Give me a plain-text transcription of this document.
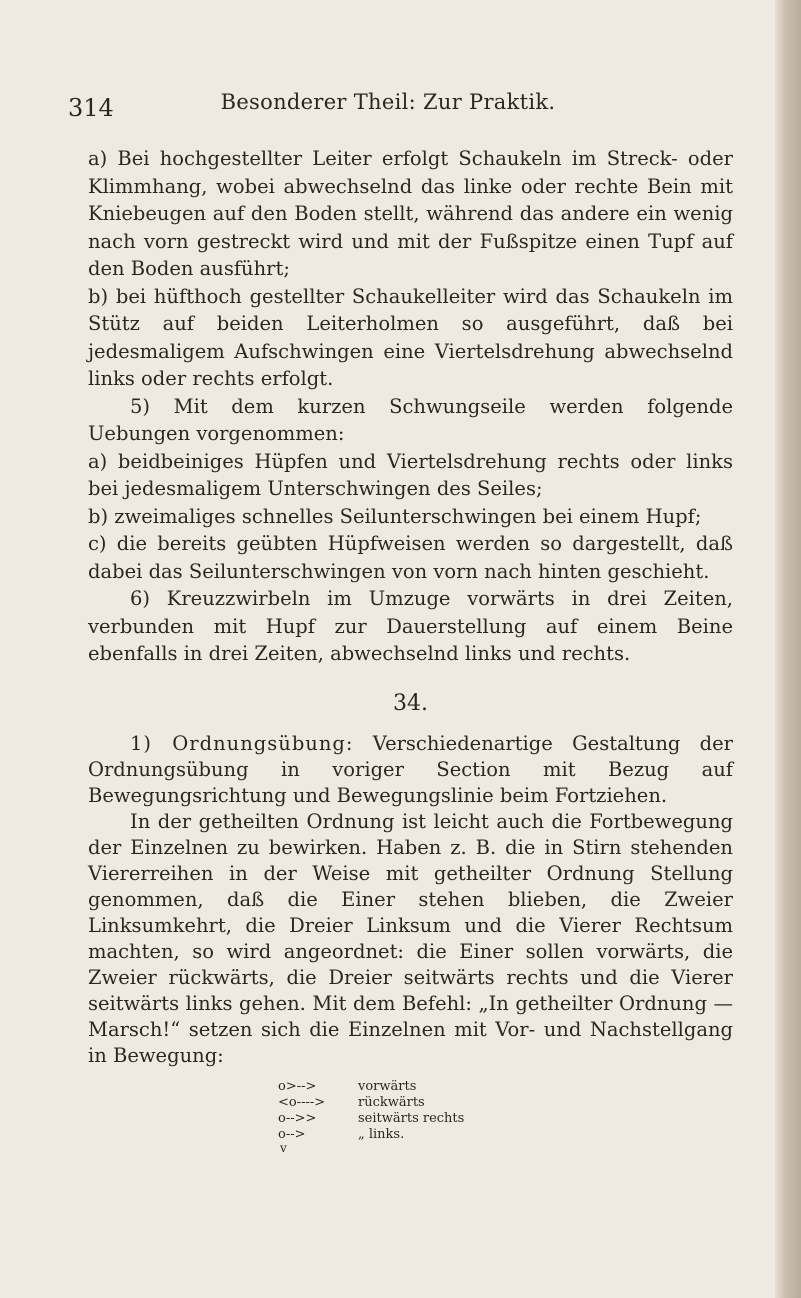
314	Besonderer Theil: Zur Praktik.

a) Bei hochgestellter Leiter erfolgt Schaukeln im Streck- oder Klimmhang, wobei abwechselnd das linke oder rechte Bein mit Kniebeugen auf den Boden stellt, während das andere ein wenig nach vorn gestreckt wird und mit der Fußspitze einen Tupf auf den Boden ausführt;

b) bei hüfthoch gestellter Schaukelleiter wird das Schaukeln im Stütz auf beiden Leiterholmen so ausgeführt, daß bei jedesmaligem Aufschwingen eine Viertelsdrehung abwechselnd links oder rechts erfolgt.

5) Mit dem kurzen Schwungseile werden folgende Uebungen vorgenommen:

a) beidbeiniges Hüpfen und Viertelsdrehung rechts oder links bei jedesmaligem Unterschwingen des Seiles;

b) zweimaliges schnelles Seilunterschwingen bei einem Hupf;

c) die bereits geübten Hüpfweisen werden so dargestellt, daß dabei das Seilunterschwingen von vorn nach hinten geschieht.

6) Kreuzzwirbeln im Umzuge vorwärts in drei Zeiten, verbunden mit Hupf zur Dauerstellung auf einem Beine ebenfalls in drei Zeiten, abwechselnd links und rechts.

34.

1) Ordnungsübung: Verschiedenartige Gestaltung der Ordnungsübung in voriger Section mit Bezug auf Bewegungsrichtung und Bewegungslinie beim Fortziehen.

In der getheilten Ordnung ist leicht auch die Fortbewegung der Einzelnen zu bewirken. Haben z. B. die in Stirn stehenden Viererreihen in der Weise mit getheilter Ordnung Stellung genommen, daß die Einer stehen blieben, die Zweier Linksumkehrt, die Dreier Linksum und die Vierer Rechtsum machten, so wird angeordnet: die Einer sollen vorwärts, die Zweier rückwärts, die Dreier seitwärts rechts und die Vierer seitwärts links gehen. Mit dem Befehl: „In getheilter Ordnung — Marsch!“ setzen sich die Einzelnen mit Vor- und Nachstellgang in Bewegung:

o>-->	vorwärts
<o---->	rückwärts
o-->>	seitwärts rechts
o-->	„ links.
v
